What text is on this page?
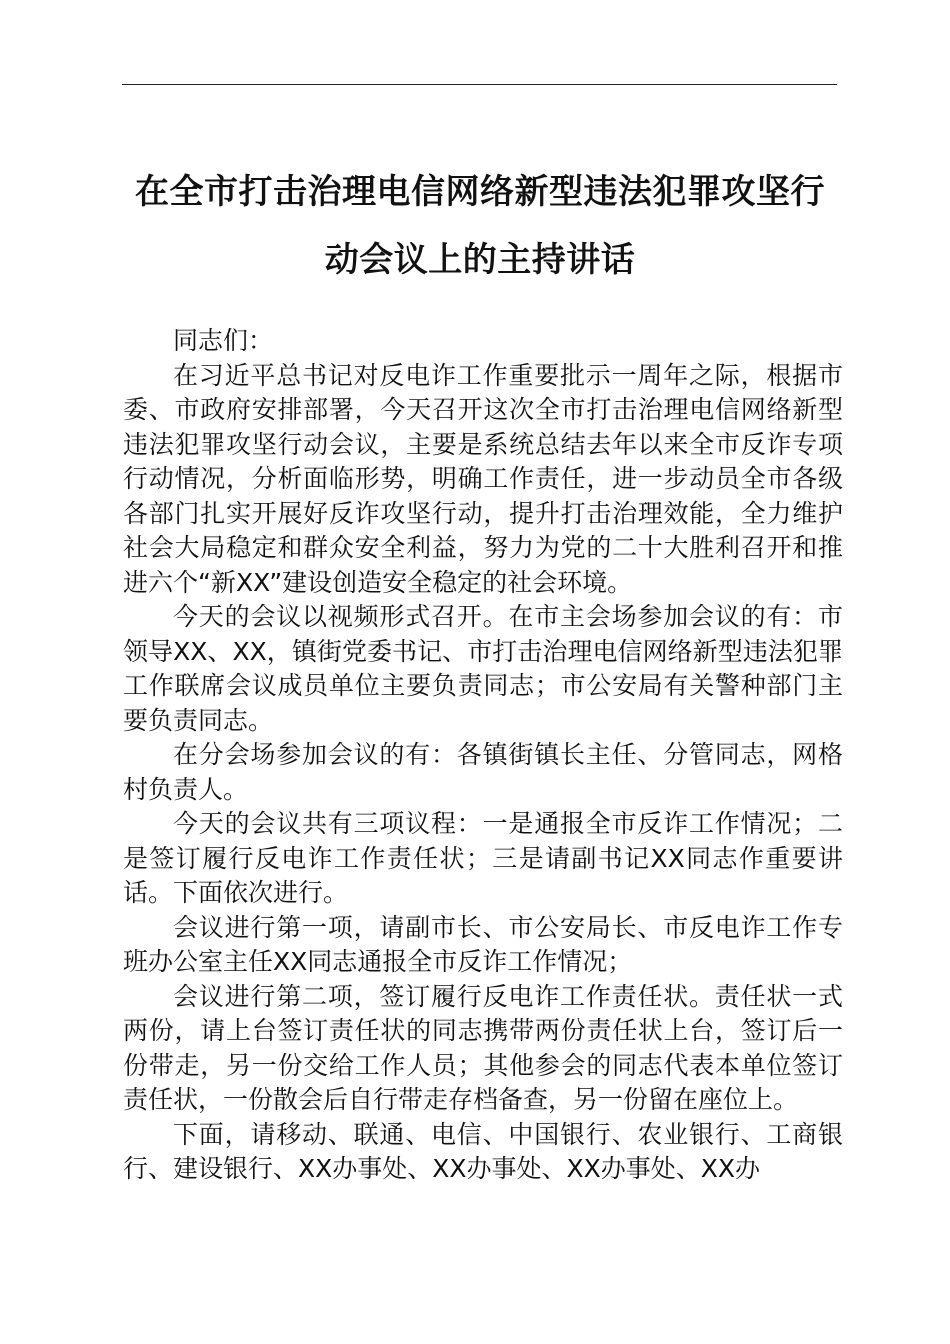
在全市打击治理电信网络新型违法犯罪攻坚行
动会议上的主持讲话

同志们：

在习近平总书记对反电诈工作重要批示一周年之际，根据市委、市政府安排部署，今天召开这次全市打击治理电信网络新型违法犯罪攻坚行动会议，主要是系统总结去年以来全市反诈专项行动情况，分析面临形势，明确工作责任，进一步动员全市各级各部门扎实开展好反诈攻坚行动，提升打击治理效能，全力维护社会大局稳定和群众安全利益，努力为党的二十大胜利召开和推进六个“新XX”建设创造安全稳定的社会环境。

今天的会议以视频形式召开。在市主会场参加会议的有：市领导XX、XX，镇街党委书记、市打击治理电信网络新型违法犯罪工作联席会议成员单位主要负责同志；市公安局有关警种部门主要负责同志。

在分会场参加会议的有：各镇街镇长主任、分管同志，网格村负责人。

今天的会议共有三项议程：一是通报全市反诈工作情况；二是签订履行反电诈工作责任状；三是请副书记XX同志作重要讲话。下面依次进行。

会议进行第一项，请副市长、市公安局长、市反电诈工作专班办公室主任XX同志通报全市反诈工作情况；

会议进行第二项，签订履行反电诈工作责任状。责任状一式两份，请上台签订责任状的同志携带两份责任状上台，签订后一份带走，另一份交给工作人员；其他参会的同志代表本单位签订责任状，一份散会后自行带走存档备查，另一份留在座位上。

下面，请移动、联通、电信、中国银行、农业银行、工商银行、建设银行、XX办事处、XX办事处、XX办事处、XX办
